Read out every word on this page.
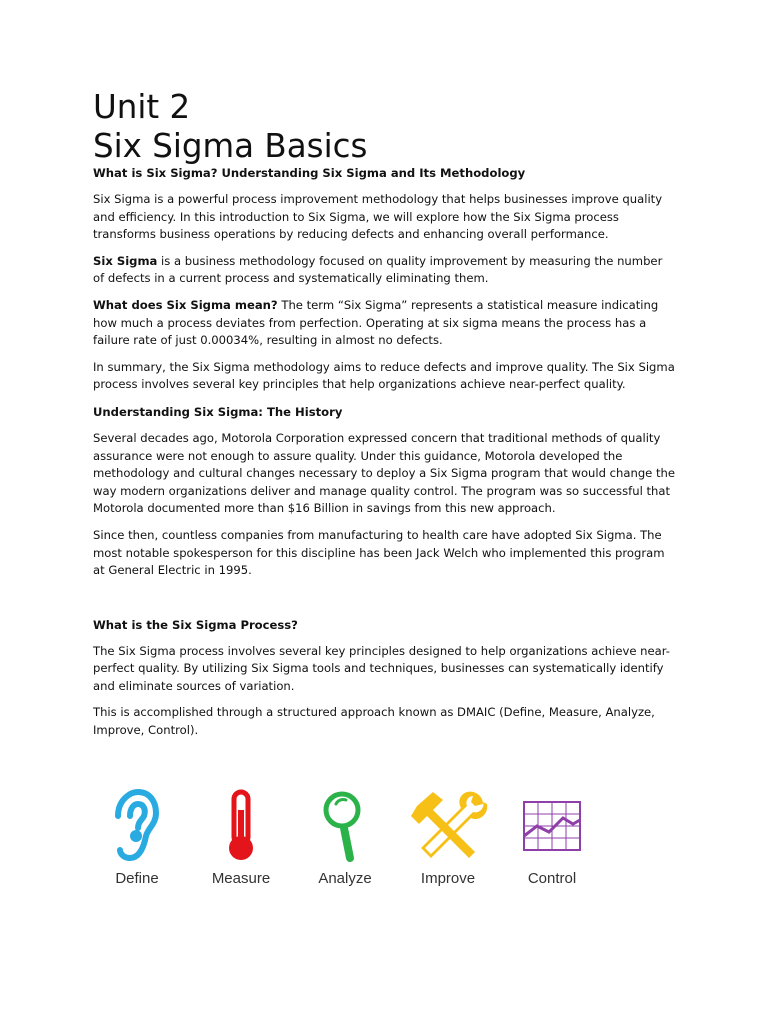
Unit 2
Six Sigma Basics

What is Six Sigma? Understanding Six Sigma and Its Methodology

Six Sigma is a powerful process improvement methodology that helps businesses improve quality and efficiency. In this introduction to Six Sigma, we will explore how the Six Sigma process transforms business operations by reducing defects and enhancing overall performance.

Six Sigma is a business methodology focused on quality improvement by measuring the number of defects in a current process and systematically eliminating them.

What does Six Sigma mean? The term “Six Sigma” represents a statistical measure indicating how much a process deviates from perfection. Operating at six sigma means the process has a failure rate of just 0.00034%, resulting in almost no defects.

In summary, the Six Sigma methodology aims to reduce defects and improve quality. The Six Sigma process involves several key principles that help organizations achieve near-perfect quality.

Understanding Six Sigma: The History

Several decades ago, Motorola Corporation expressed concern that traditional methods of quality assurance were not enough to assure quality. Under this guidance, Motorola developed the methodology and cultural changes necessary to deploy a Six Sigma program that would change the way modern organizations deliver and manage quality control. The program was so successful that Motorola documented more than $16 Billion in savings from this new approach.

Since then, countless companies from manufacturing to health care have adopted Six Sigma. The most notable spokesperson for this discipline has been Jack Welch who implemented this program at General Electric in 1995.

What is the Six Sigma Process?

The Six Sigma process involves several key principles designed to help organizations achieve near-perfect quality. By utilizing Six Sigma tools and techniques, businesses can systematically identify and eliminate sources of variation.

This is accomplished through a structured approach known as DMAIC (Define, Measure, Analyze, Improve, Control).

Define	Measure	Analyze	Improve	Control
